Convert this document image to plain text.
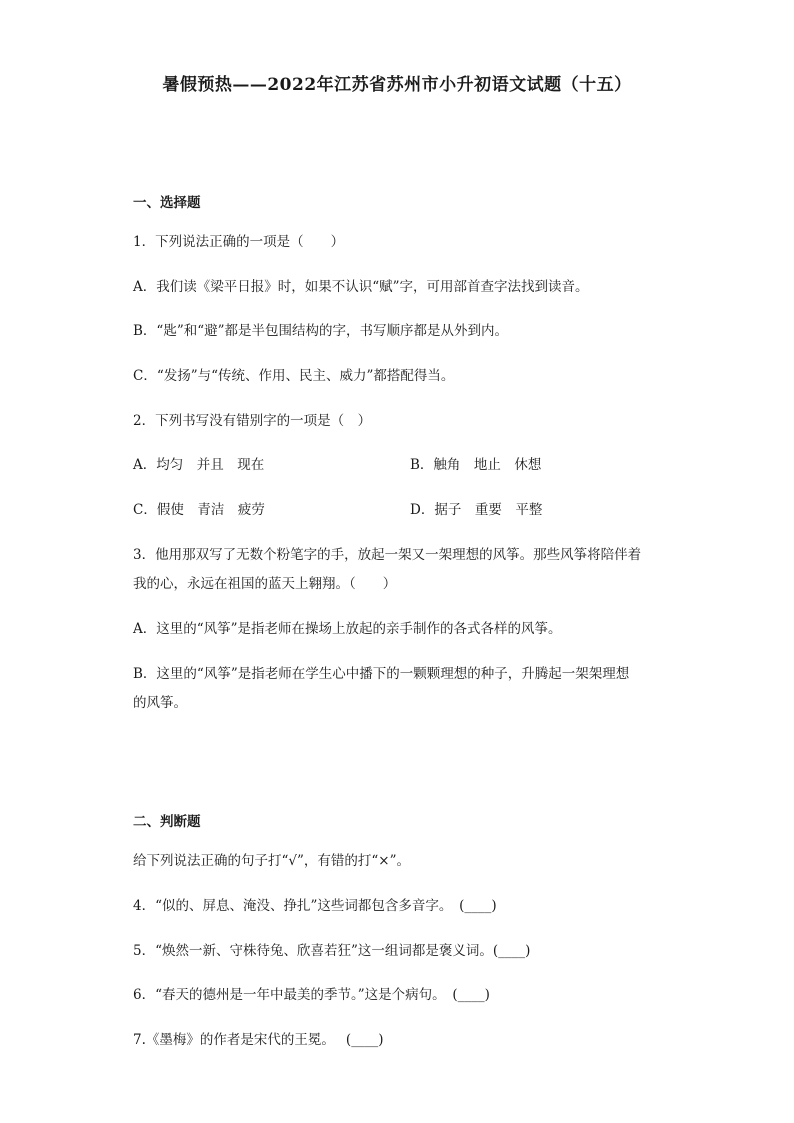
暑假预热——2022年江苏省苏州市小升初语文试题（十五）
一、选择题
1．下列说法正确的一项是（　　）
A．我们读《梁平日报》时，如果不认识“赋”字，可用部首查字法找到读音。
B．“匙”和“避”都是半包围结构的字，书写顺序都是从外到内。
C．“发扬”与“传统、作用、民主、威力”都搭配得当。
2．下列书写没有错别字的一项是（　）
A．均匀　并且　现在	B．触角　地止　休想
C．假使　青洁　疲劳	D．据子　重要　平整
3．他用那双写了无数个粉笔字的手，放起一架又一架理想的风筝。那些风筝将陪伴着
我的心，永远在祖国的蓝天上翱翔。（　　）
A．这里的“风筝”是指老师在操场上放起的亲手制作的各式各样的风筝。
B．这里的“风筝”是指老师在学生心中播下的一颗颗理想的种子，升腾起一架架理想
的风筝。
二、判断题
给下列说法正确的句子打“√”，有错的打“×”。
4．“似的、屏息、淹没、挣扎”这些词都包含多音字。　(____)
5．“焕然一新、守株待兔、欣喜若狂”这一组词都是褒义词。(____)
6．“春天的德州是一年中最美的季节。”这是个病句。　(____)
7.《墨梅》的作者是宋代的王冕。　 (____)
